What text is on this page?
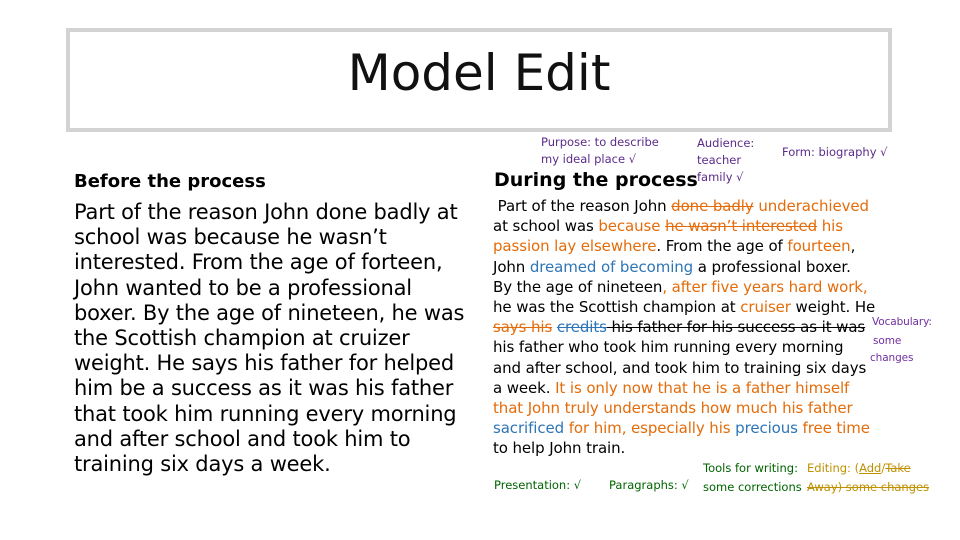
Model Edit
Before the process
Part of the reason John done badly at school was because he wasn’t interested. From the age of forteen, John wanted to be a professional boxer. By the age of nineteen, he was the Scottish champion at cruizer weight. He says his father for helped him be a success as it was his father that took him running every morning and after school and took him to training six days a week.
Purpose: to describe
my ideal place √
Audience:
teacher
family √
Form: biography √
During the process
Part of the reason John done badly underachieved
at school was because he wasn’t interested his
passion lay elsewhere. From the age of fourteen,
John dreamed of becoming a professional boxer.
By the age of nineteen, after five years hard work,
he was the Scottish champion at cruiser weight. He
says his credits his father for his success as it was Vocabulary:
his father who took him running every morning	some
and after school, and took him to training six days
changes
a week. It is only now that he is a father himself
that John truly understands how much his father
sacrificed for him, especially his precious free time
to help John train.
Presentation: √ Paragraphs: √
Tools for writing:
some corrections
Editing: (Add/Take
Away) some changes
